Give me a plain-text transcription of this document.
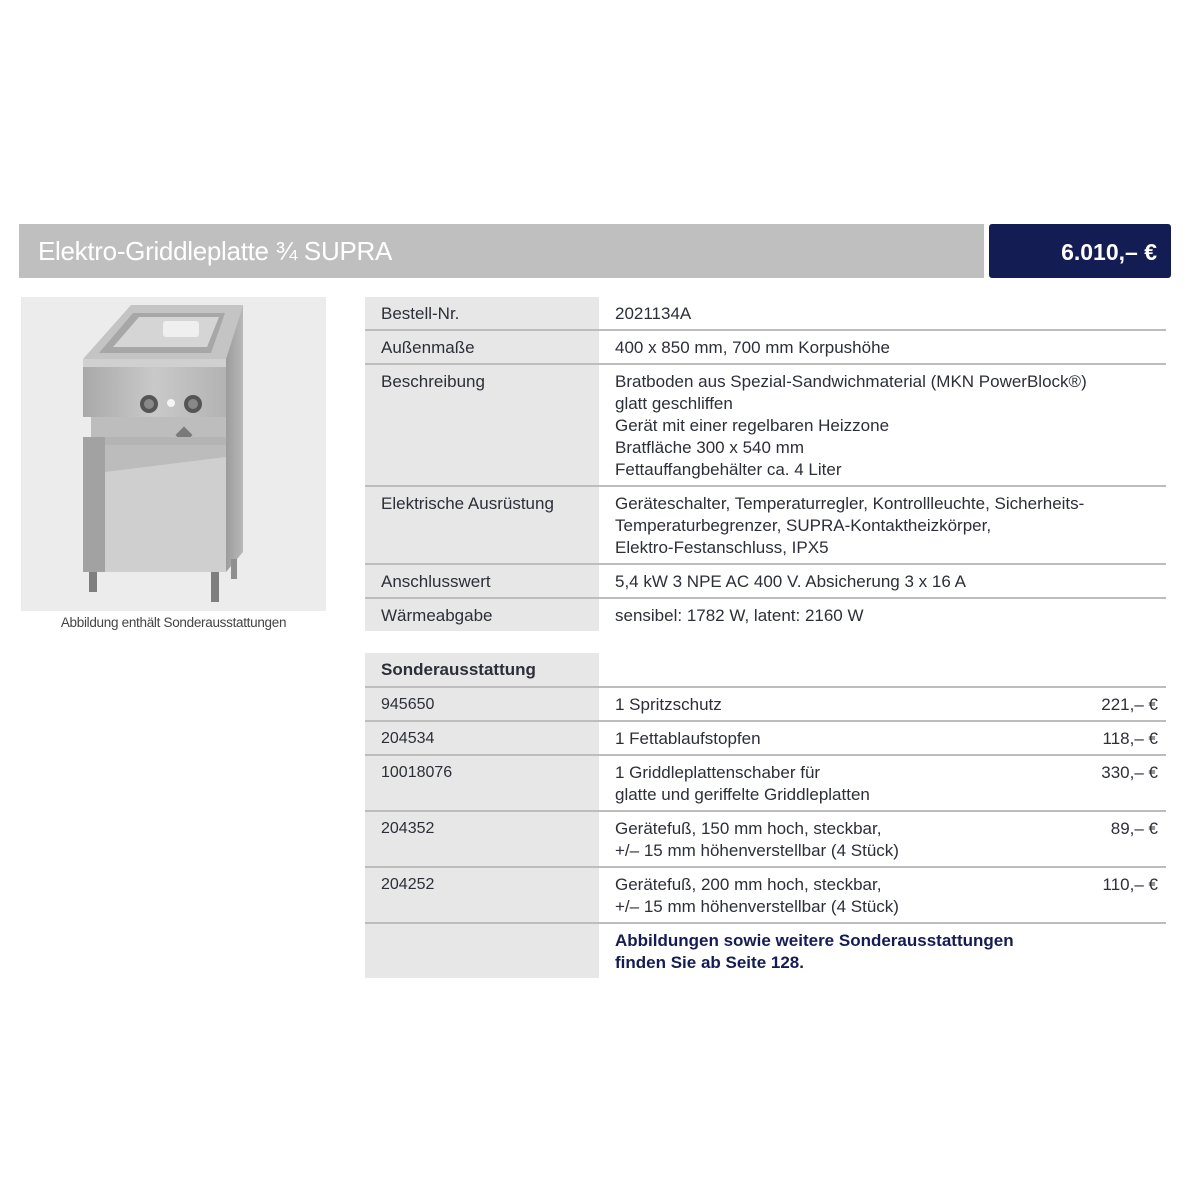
Elektro-Griddleplatte ¾ SUPRA	6.010,– €
Abbildung enthält Sonderausstattungen
Bestell-Nr.	2021134A
Außenmaße	400 x 850 mm, 700 mm Korpushöhe
Beschreibung	Bratboden aus Spezial-Sandwichmaterial (MKN PowerBlock®)
glatt geschliffen
Gerät mit einer regelbaren Heizzone
Bratfläche 300 x 540 mm
Fettauffangbehälter ca. 4 Liter
Elektrische Ausrüstung	Geräteschalter, Temperaturregler, Kontrollleuchte, Sicherheits-
Temperaturbegrenzer, SUPRA-Kontaktheizkörper,
Elektro-Festanschluss, IPX5
Anschlusswert	5,4 kW 3 NPE AC 400 V. Absicherung 3 x 16 A
Wärmeabgabe	sensibel: 1782 W, latent: 2160 W
Sonderausstattung
945650	1 Spritzschutz	221,– €
204534	1 Fettablaufstopfen	118,– €
10018076	1 Griddleplattenschaber für
glatte und geriffelte Griddleplatten
330,– €
204352	Gerätefuß, 150 mm hoch, steckbar,
+/– 15 mm höhenverstellbar (4 Stück)
89,– €
204252	Gerätefuß, 200 mm hoch, steckbar,
+/– 15 mm höhenverstellbar (4 Stück)
110,– €
Abbildungen sowie weitere Sonderausstattungen
finden Sie ab Seite 128.
